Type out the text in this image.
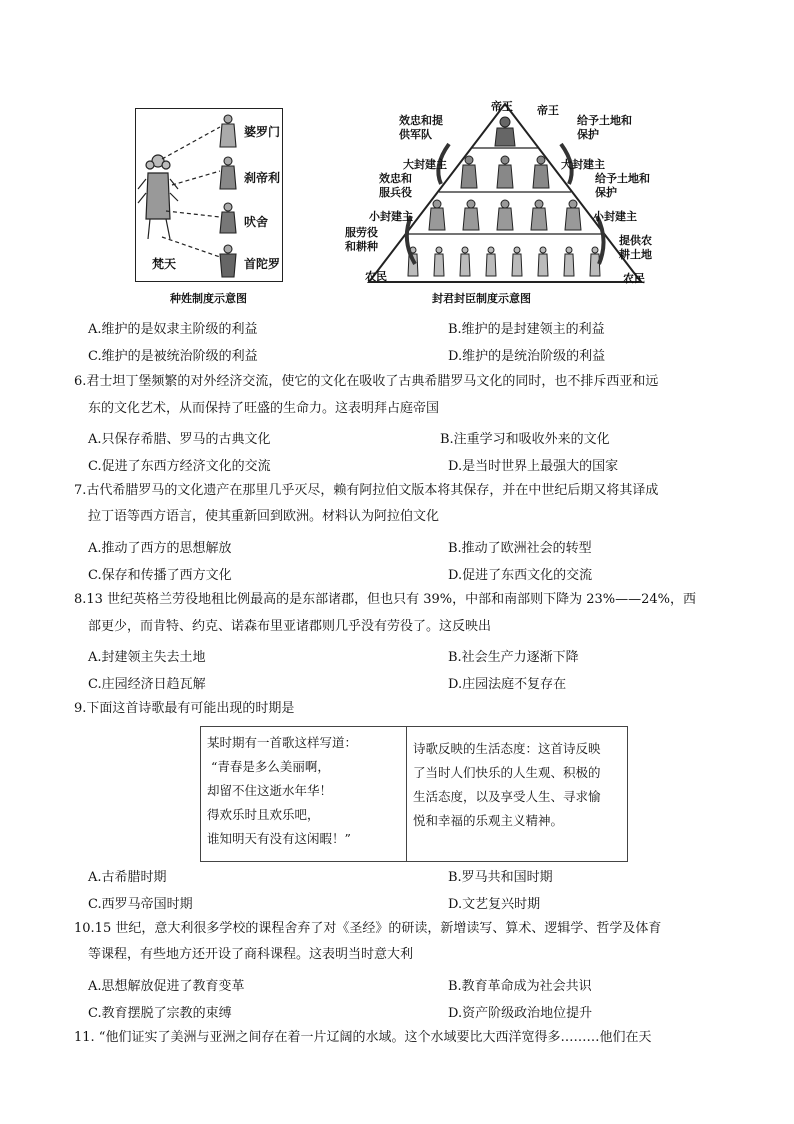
婆罗门
刹帝利
吠舍
首陀罗
梵天
种姓制度示意图
帝王 帝王
效忠和提供军队
给予土地和保护
大封建主	大封建主
效忠和服兵役
给予土地和保护
小封建主	小封建主
服劳役和耕种	提供农耕土地
农民	农民
封君封臣制度示意图
A.维护的是奴隶主阶级的利益	B.维护的是封建领主的利益
C.维护的是被统治阶级的利益	D.维护的是统治阶级的利益
6.君士坦丁堡频繁的对外经济交流，使它的文化在吸收了古典希腊罗马文化的同时，也不排斥西亚和远
东的文化艺术，从而保持了旺盛的生命力。这表明拜占庭帝国
A.只保存希腊、罗马的古典文化	B.注重学习和吸收外来的文化
C.促进了东西方经济文化的交流	D.是当时世界上最强大的国家
7.古代希腊罗马的文化遗产在那里几乎灭尽，赖有阿拉伯文版本将其保存，并在中世纪后期又将其译成
拉丁语等西方语言，使其重新回到欧洲。材料认为阿拉伯文化
A.推动了西方的思想解放	B.推动了欧洲社会的转型
C.保存和传播了西方文化	D.促进了东西文化的交流
8.13 世纪英格兰劳役地租比例最高的是东部诸郡，但也只有 39%，中部和南部则下降为 23%——24%，西
部更少，而肯特、约克、诺森布里亚诸郡则几乎没有劳役了。这反映出
A.封建领主失去土地	B.社会生产力逐渐下降
C.庄园经济日趋瓦解	D.庄园法庭不复存在
9.下面这首诗歌最有可能出现的时期是
某时期有一首歌这样写道：
“青春是多么美丽啊，
却留不住这逝水年华！
得欢乐时且欢乐吧，
谁知明天有没有这闲暇！”

诗歌反映的生活态度：这首诗反映
了当时人们快乐的人生观、积极的
生活态度，以及享受人生、寻求愉
悦和幸福的乐观主义精神。
A.古希腊时期	B.罗马共和国时期
C.西罗马帝国时期	D.文艺复兴时期
10.15 世纪，意大利很多学校的课程舍弃了对《圣经》的研读，新增读写、算术、逻辑学、哲学及体育
等课程，有些地方还开设了商科课程。这表明当时意大利
A.思想解放促进了教育变革	B.教育革命成为社会共识
C.教育摆脱了宗教的束缚	D.资产阶级政治地位提升
11. “他们证实了美洲与亚洲之间存在着一片辽阔的水域。这个水域要比大西洋宽得多………他们在天
